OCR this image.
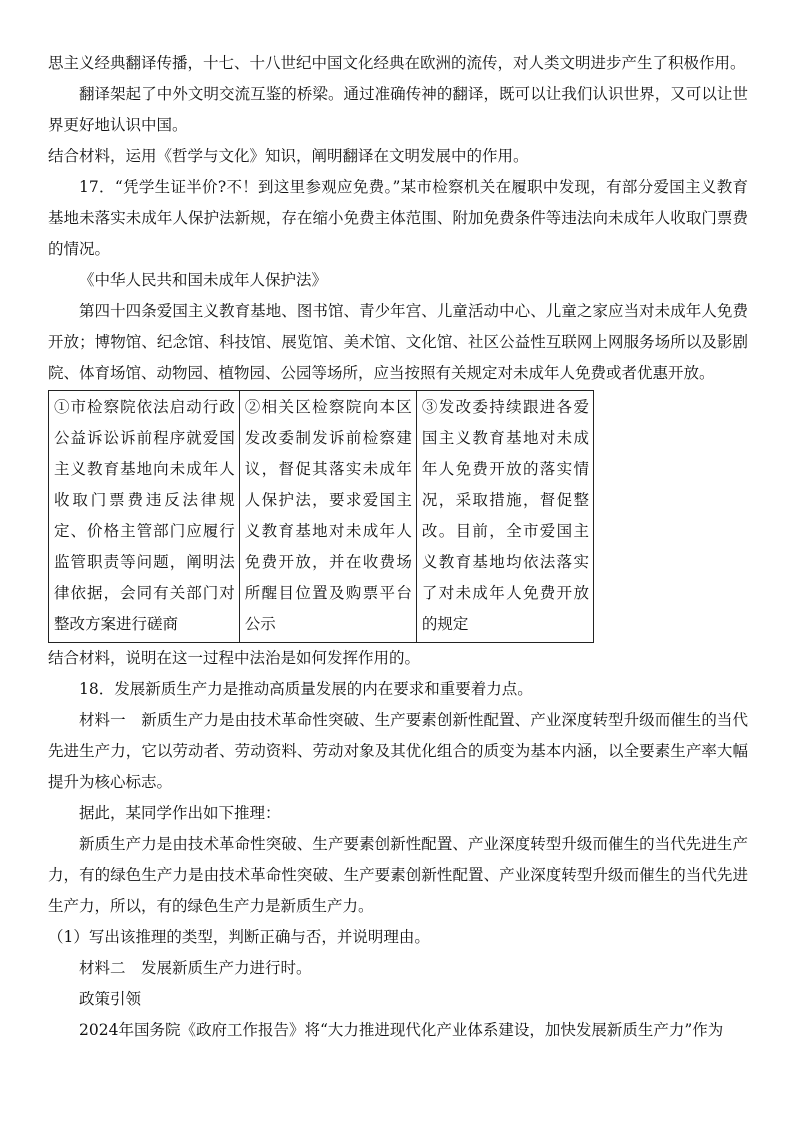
思主义经典翻译传播，十七、十八世纪中国文化经典在欧洲的流传，对人类文明进步产生了积极作用。

翻译架起了中外文明交流互鉴的桥梁。通过准确传神的翻译，既可以让我们认识世界，又可以让世界更好地认识中国。

结合材料，运用《哲学与文化》知识，阐明翻译在文明发展中的作用。

17．“凭学生证半价?不！到这里参观应免费。”某市检察机关在履职中发现，有部分爱国主义教育基地未落实未成年人保护法新规，存在缩小免费主体范围、附加免费条件等违法向未成年人收取门票费的情况。

《中华人民共和国未成年人保护法》

第四十四条爱国主义教育基地、图书馆、青少年宫、儿童活动中心、儿童之家应当对未成年人免费开放；博物馆、纪念馆、科技馆、展览馆、美术馆、文化馆、社区公益性互联网上网服务场所以及影剧院、体育场馆、动物园、植物园、公园等场所，应当按照有关规定对未成年人免费或者优惠开放。

①市检察院依法启动行政公益诉讼诉前程序就爱国主义教育基地向未成年人收取门票费违反法律规定、价格主管部门应履行监管职责等问题，阐明法律依据，会同有关部门对整改方案进行磋商	②相关区检察院向本区发改委制发诉前检察建议，督促其落实未成年人保护法，要求爱国主义教育基地对未成年人免费开放，并在收费场所醒目位置及购票平台公示	③发改委持续跟进各爱国主义教育基地对未成年人免费开放的落实情况，采取措施，督促整改。目前，全市爱国主义教育基地均依法落实了对未成年人免费开放的规定

结合材料，说明在这一过程中法治是如何发挥作用的。

18．发展新质生产力是推动高质量发展的内在要求和重要着力点。

材料一　新质生产力是由技术革命性突破、生产要素创新性配置、产业深度转型升级而催生的当代先进生产力，它以劳动者、劳动资料、劳动对象及其优化组合的质变为基本内涵，以全要素生产率大幅提升为核心标志。

据此，某同学作出如下推理：

新质生产力是由技术革命性突破、生产要素创新性配置、产业深度转型升级而催生的当代先进生产力，有的绿色生产力是由技术革命性突破、生产要素创新性配置、产业深度转型升级而催生的当代先进生产力，所以，有的绿色生产力是新质生产力。

（1）写出该推理的类型，判断正确与否，并说明理由。

材料二　发展新质生产力进行时。

政策引领

2024年国务院《政府工作报告》将“大力推进现代化产业体系建设，加快发展新质生产力”作为
